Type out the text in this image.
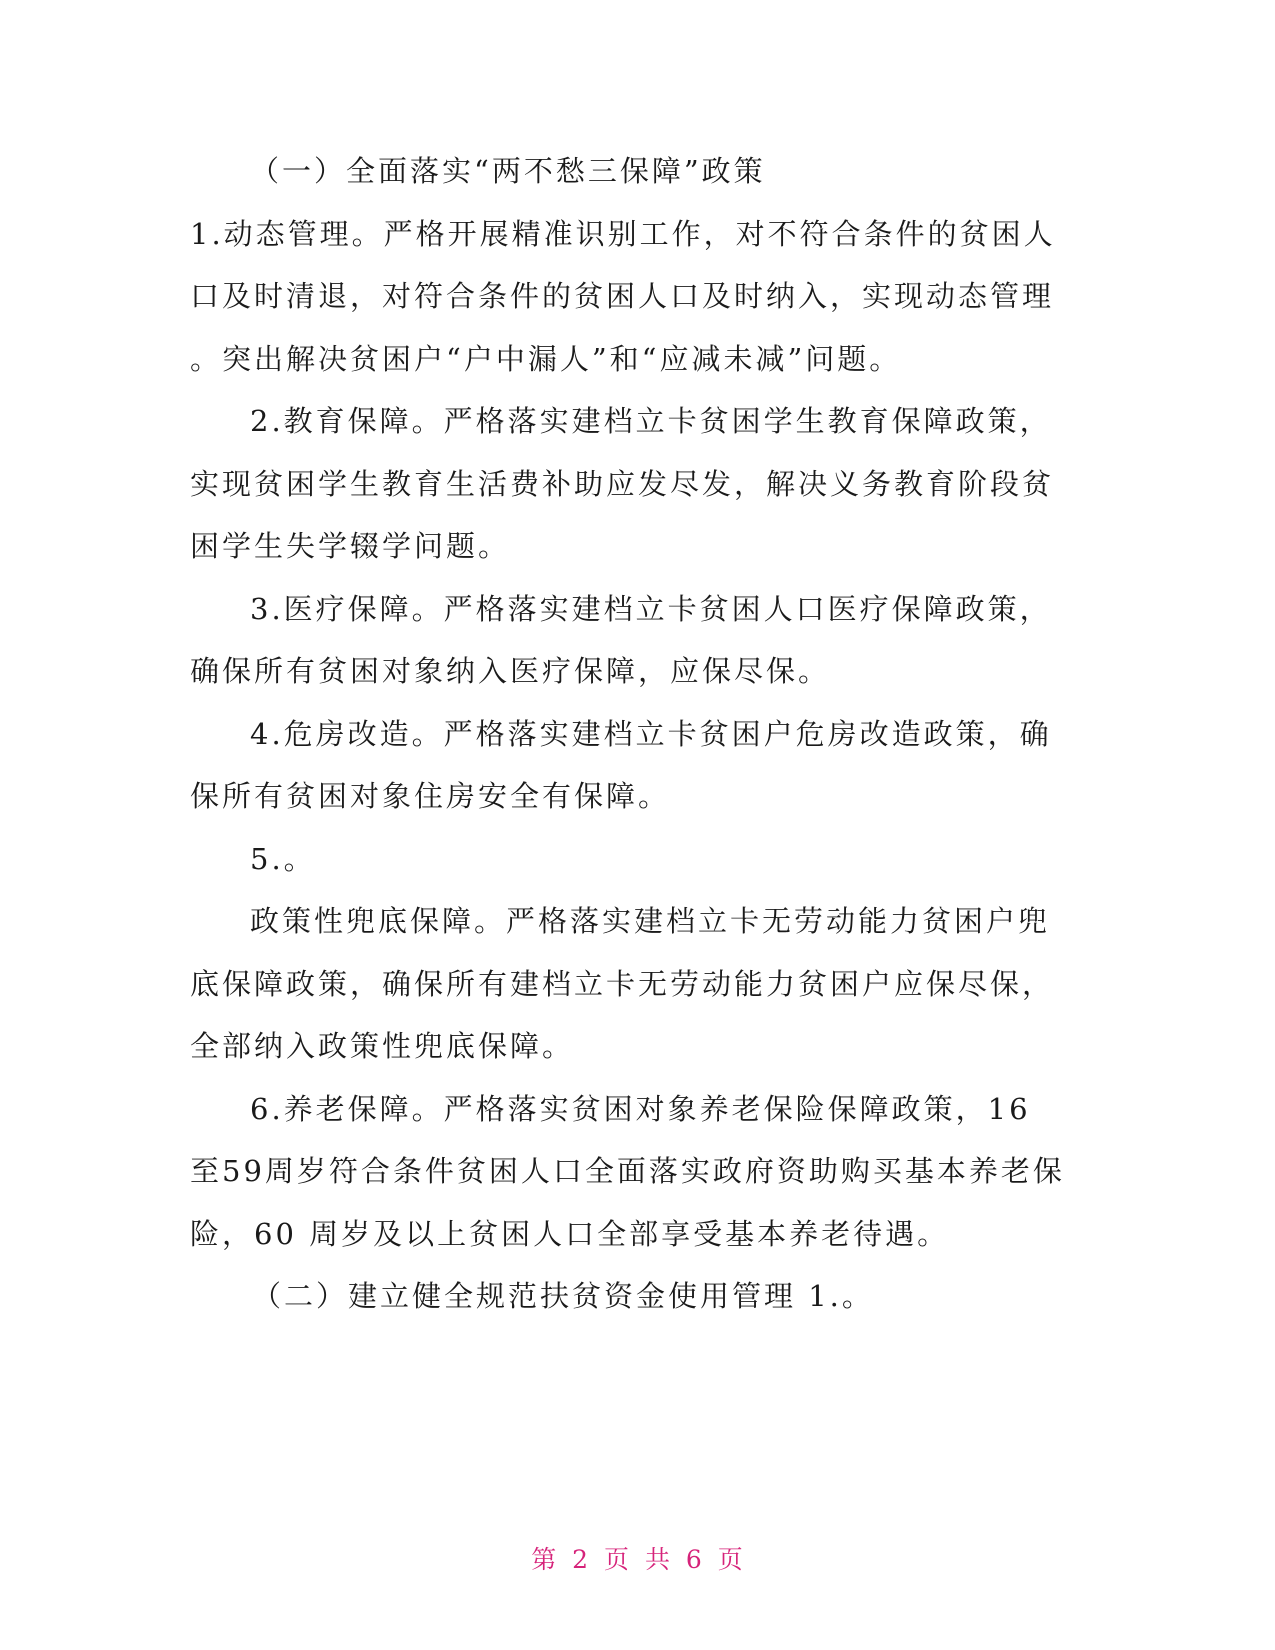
（一）全面落实“两不愁三保障”政策

1.动态管理。严格开展精准识别工作，对不符合条件的贫困人

口及时清退，对符合条件的贫困人口及时纳入，实现动态管理

。突出解决贫困户“户中漏人”和“应减未减”问题。

2.教育保障。严格落实建档立卡贫困学生教育保障政策，

实现贫困学生教育生活费补助应发尽发，解决义务教育阶段贫

困学生失学辍学问题。

3.医疗保障。严格落实建档立卡贫困人口医疗保障政策，

确保所有贫困对象纳入医疗保障，应保尽保。

4.危房改造。严格落实建档立卡贫困户危房改造政策，确

保所有贫困对象住房安全有保障。

5.。

政策性兜底保障。严格落实建档立卡无劳动能力贫困户兜

底保障政策，确保所有建档立卡无劳动能力贫困户应保尽保，

全部纳入政策性兜底保障。

6.养老保障。严格落实贫困对象养老保险保障政策，16

至59周岁符合条件贫困人口全面落实政府资助购买基本养老保

险，60 周岁及以上贫困人口全部享受基本养老待遇。

（二）建立健全规范扶贫资金使用管理 1.。

第 2 页 共 6 页
